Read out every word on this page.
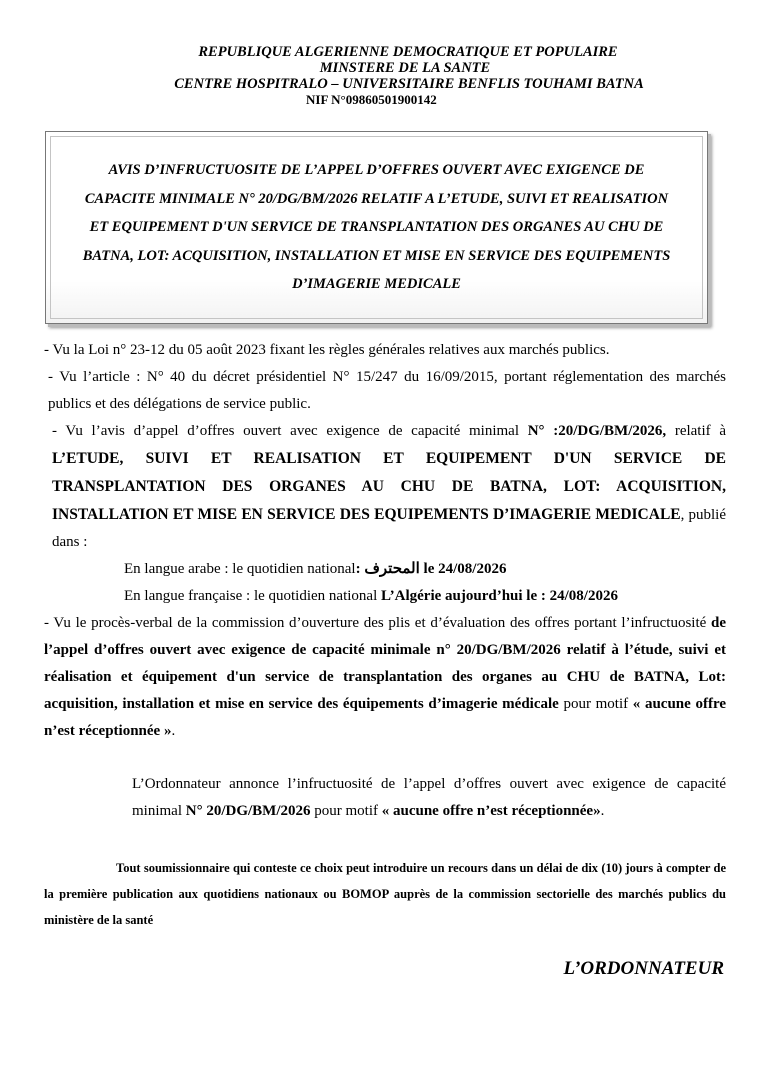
REPUBLIQUE ALGERIENNE DEMOCRATIQUE ET POPULAIRE
MINSTERE DE LA SANTE
CENTRE HOSPITRALO – UNIVERSITAIRE BENFLIS TOUHAMI BATNA
NIF N°09860501900142
AVIS D’INFRUCTUOSITE DE L’APPEL D’OFFRES OUVERT AVEC EXIGENCE DE CAPACITE MINIMALE N° 20/DG/BM/2026 RELATIF A L’ETUDE, SUIVI ET REALISATION ET EQUIPEMENT D'UN SERVICE DE TRANSPLANTATION DES ORGANES AU CHU DE BATNA, LOT: ACQUISITION, INSTALLATION ET MISE EN SERVICE DES EQUIPEMENTS D’IMAGERIE MEDICALE

- Vu la Loi n° 23-12 du 05 août 2023 fixant les règles générales relatives aux marchés publics.

- Vu l’article : N° 40 du décret présidentiel N° 15/247 du 16/09/2015, portant réglementation des marchés publics et des délégations de service public.

- Vu l’avis d’appel d’offres ouvert avec exigence de capacité minimal N° :20/DG/BM/2026, relatif à L’ETUDE, SUIVI ET REALISATION ET EQUIPEMENT D'UN SERVICE DE TRANSPLANTATION DES ORGANES AU CHU DE BATNA, LOT: ACQUISITION, INSTALLATION ET MISE EN SERVICE DES EQUIPEMENTS D’IMAGERIE MEDICALE, publié dans :

En langue arabe : le quotidien national: المحترف le 24/08/2026

En langue française : le quotidien national L’Algérie aujourd’hui le : 24/08/2026

- Vu le procès-verbal de la commission d’ouverture des plis et d’évaluation des offres portant l’infructuosité de l’appel d’offres ouvert avec exigence de capacité minimale n° 20/DG/BM/2026 relatif à l’étude, suivi et réalisation et équipement d'un service de transplantation des organes au CHU de BATNA, Lot: acquisition, installation et mise en service des équipements d’imagerie médicale pour motif « aucune offre n’est réceptionnée ».

L’Ordonnateur annonce l’infructuosité de l’appel d’offres ouvert avec exigence de capacité minimal N° 20/DG/BM/2026 pour motif « aucune offre n’est réceptionnée».

Tout soumissionnaire qui conteste ce choix peut introduire un recours dans un délai de dix (10) jours à compter de la première publication aux quotidiens nationaux ou BOMOP auprès de la commission sectorielle des marchés publics du ministère de la santé
L’ORDONNATEUR
